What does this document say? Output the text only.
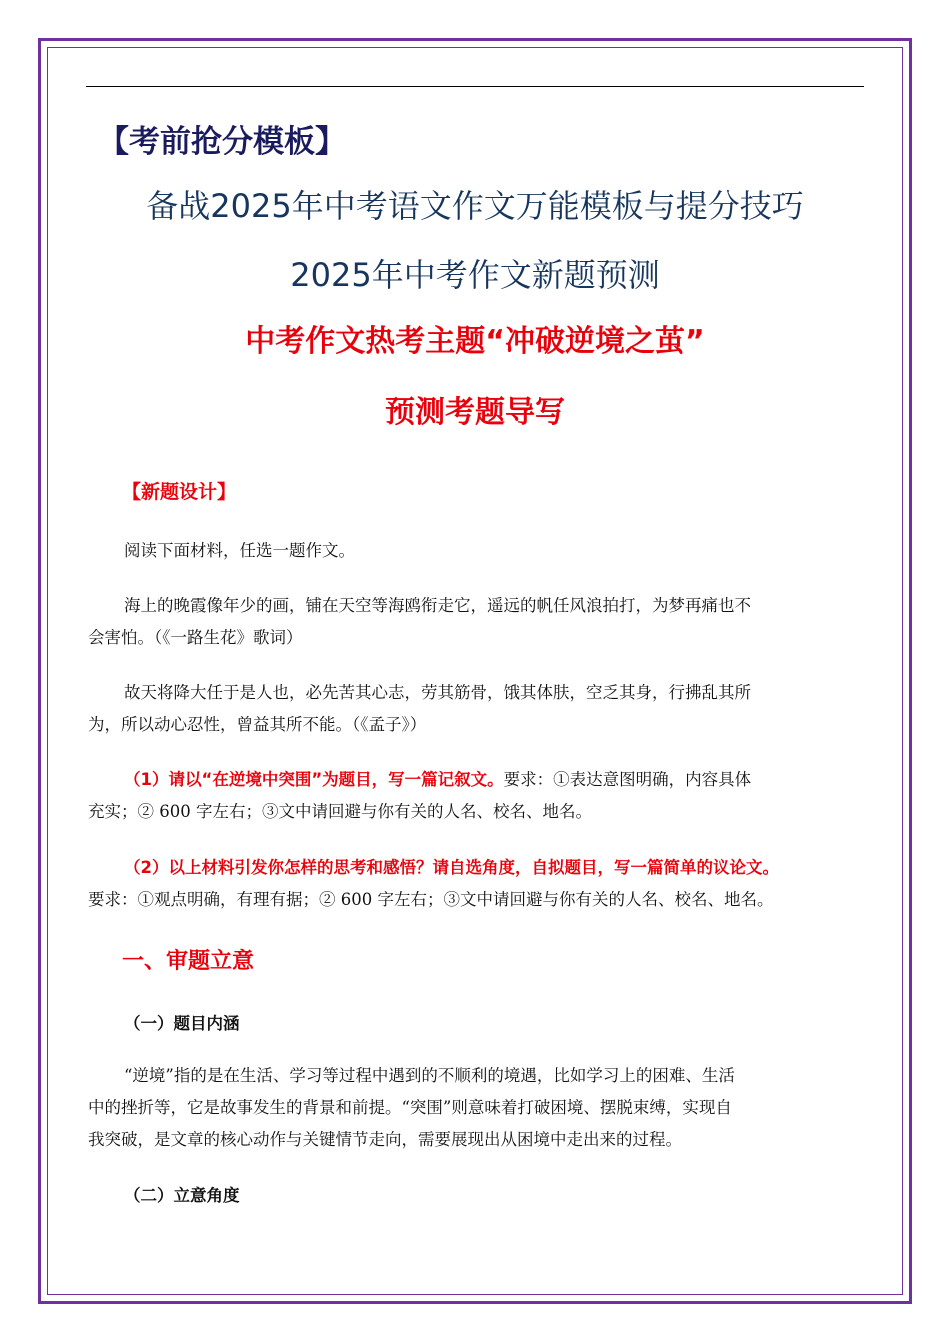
【考前抢分模板】
备战2025年中考语文作文万能模板与提分技巧
2025年中考作文新题预测
中考作文热考主题“冲破逆境之茧”
预测考题导写
【新题设计】
阅读下面材料，任选一题作文。
海上的晚霞像年少的画，铺在天空等海鸥衔走它，遥远的帆任风浪拍打，为梦再痛也不
会害怕。（《一路生花》歌词）
故天将降大任于是人也，必先苦其心志，劳其筋骨，饿其体肤，空乏其身，行拂乱其所
为，所以动心忍性，曾益其所不能。（《孟子》）
（1）请以“在逆境中突围”为题目，写一篇记叙文。要求：①表达意图明确，内容具体
充实；② 600 字左右；③文中请回避与你有关的人名、校名、地名。
（2）以上材料引发你怎样的思考和感悟？请自选角度，自拟题目，写一篇简单的议论文。
要求：①观点明确，有理有据；② 600 字左右；③文中请回避与你有关的人名、校名、地名。
一、审题立意
（一）题目内涵
“逆境”指的是在生活、学习等过程中遇到的不顺利的境遇，比如学习上的困难、生活
中的挫折等，它是故事发生的背景和前提。“突围”则意味着打破困境、摆脱束缚，实现自
我突破，是文章的核心动作与关键情节走向，需要展现出从困境中走出来的过程。
（二）立意角度
